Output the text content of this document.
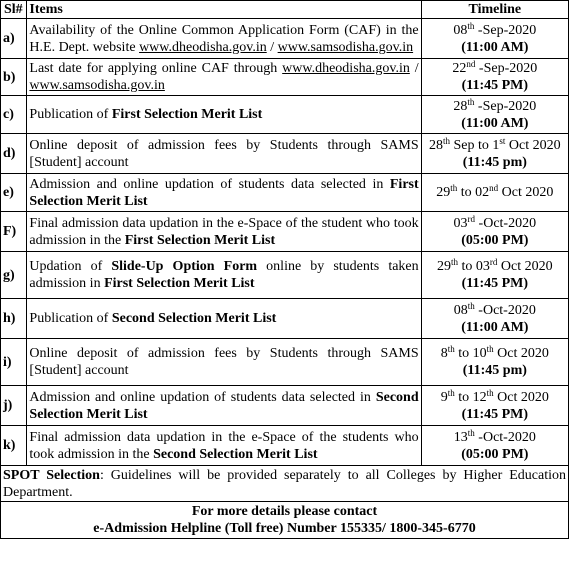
Sl#	Items	Timeline
a)	Availability of the Online Common Application Form (CAF) in the H.E. Dept. website www.dheodisha.gov.in / www.samsodisha.gov.in	08th -Sep-2020
(11:00 AM)

b)	Last date for applying online CAF through www.dheodisha.gov.in / www.samsodisha.gov.in	22nd -Sep-2020
(11:45 PM)

c)	Publication of First Selection Merit List	28th -Sep-2020
(11:00 AM)

d)	Online deposit of admission fees by Students through SAMS [Student] account	28th Sep to 1st Oct 2020
(11:45 pm)

e)	Admission and online updation of students data selected in First Selection Merit List	29th to 02nd Oct 2020

F)	Final admission data updation in the e-Space of the student who took admission in the First Selection Merit List	03rd -Oct-2020
(05:00 PM)

g)	Updation of Slide-Up Option Form online by students taken admission in First Selection Merit List	29th to 03rd Oct 2020
(11:45 PM)

h)	Publication of Second Selection Merit List	08th -Oct-2020
(11:00 AM)

i)	Online deposit of admission fees by Students through SAMS [Student] account	8th to 10th Oct 2020
(11:45 pm)

j)	Admission and online updation of students data selected in Second Selection Merit List	9th to 12th Oct 2020
(11:45 PM)

k)	Final admission data updation in the e-Space of the students who took admission in the Second Selection Merit List	13th -Oct-2020
(05:00 PM)

SPOT Selection: Guidelines will be provided separately to all Colleges by Higher Education Department.		

For more details please contact
e-Admission Helpline (Toll free) Number 155335/ 1800-345-6770		
